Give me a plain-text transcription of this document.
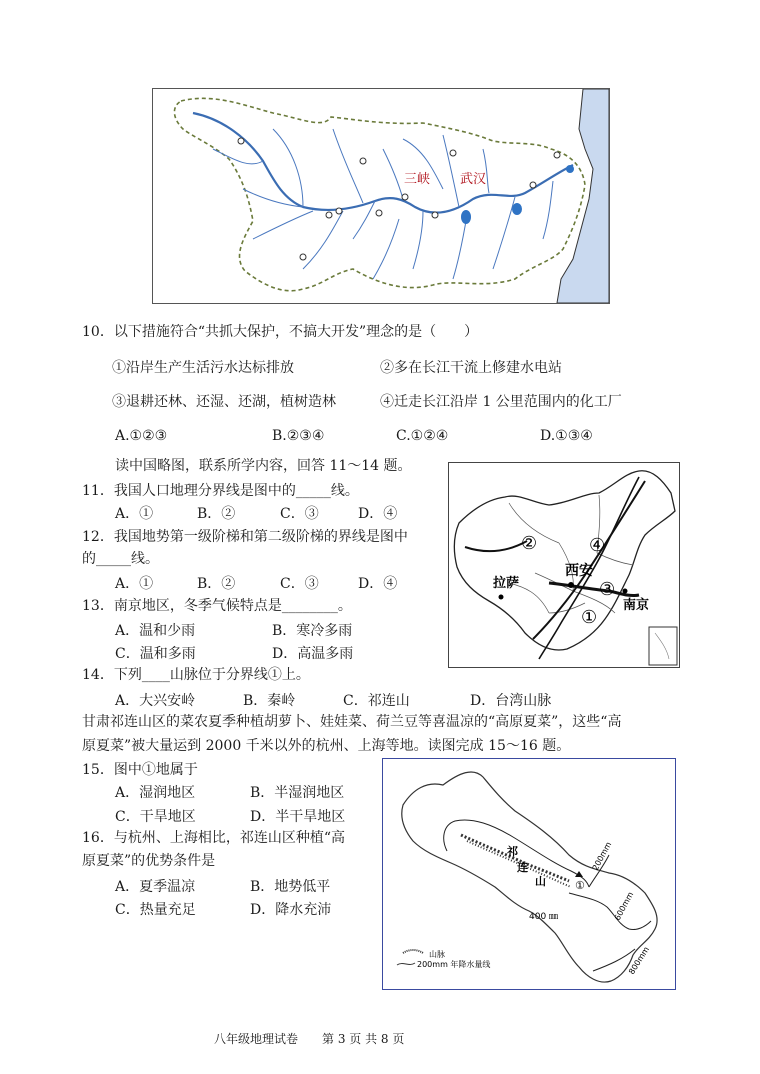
三峡 武汉
10．以下措施符合“共抓大保护，不搞大开发”理念的是（　　）
①沿岸生产生活污水达标排放	②多在长江干流上修建水电站
③退耕还林、还湿、还湖，植树造林	④迁走长江沿岸 1 公里范围内的化工厂
A.①②③	B.②③④	C.①②④	D.①③④
读中国略图，联系所学内容，回答 11～14 题。
11．我国人口地理分界线是图中的_____线。
A．①	B．②	C．③	D．④
12．我国地势第一级阶梯和第二级阶梯的界线是图中
的_____线。
A．①	B．②	C．③	D．④
13．南京地区，冬季气候特点是________。
A．温和少雨	B．寒冷多雨
C．温和多雨	D．高温多雨
14．下列____山脉位于分界线①上。
A．大兴安岭	B．秦岭	C．祁连山	D．台湾山脉
②	④
西安
③
拉萨
南京
①
甘肃祁连山区的菜农夏季种植胡萝卜、娃娃菜、荷兰豆等喜温凉的“高原夏菜”，这些“高
原夏菜”被大量运到 2000 千米以外的杭州、上海等地。读图完成 15～16 题。
15．图中①地属于
A．湿润地区	B．半湿润地区
C．干旱地区	D．半干旱地区
16．与杭州、上海相比，祁连山区种植“高
原夏菜”的优势条件是
A．夏季温凉	B．地势低平
C．热量充足	D．降水充沛
祁
连
山	①
200mm
400 ㎜	600mm
800mm
山脉
200mm 年降水量线
八年级地理试卷　　第 3 页 共 8 页
